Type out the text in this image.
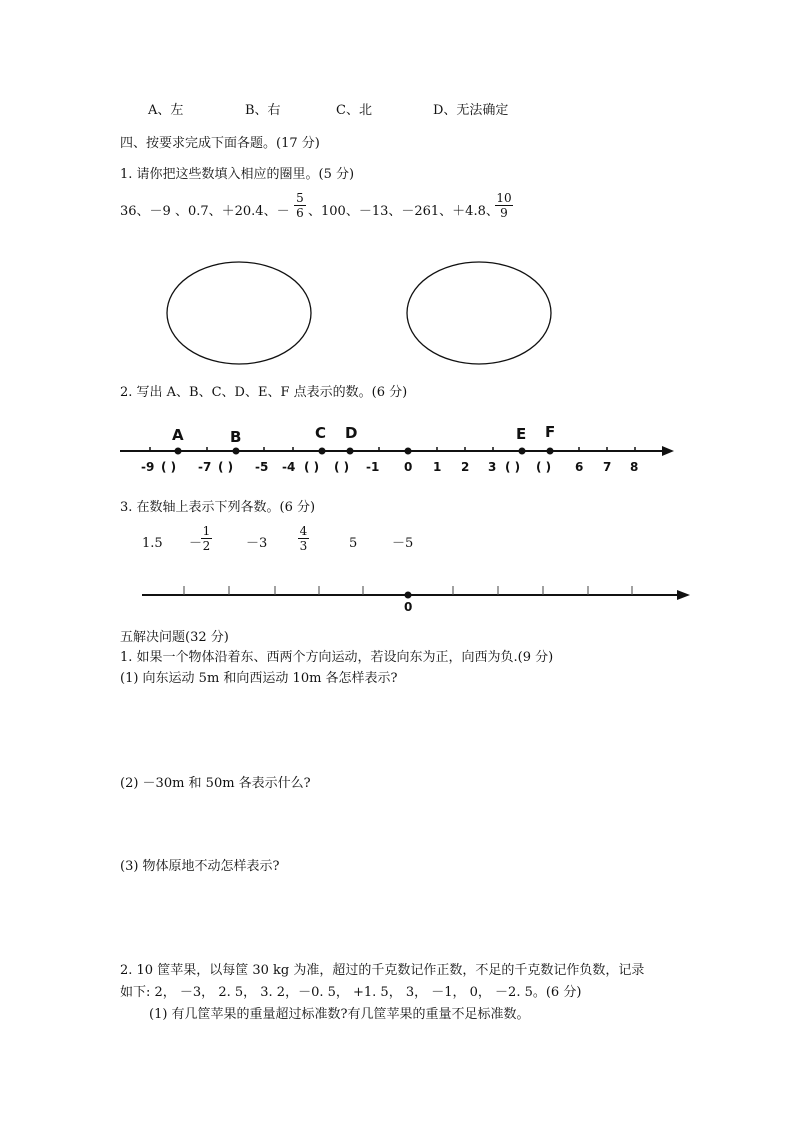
A、左	B、右	C、北	D、无法确定
四、按要求完成下面各题。(17 分)
1. 请你把这些数填入相应的圈里。(5 分)
36、－9 、0.7、＋20.4、－ $\frac{5}{6}$ 、100、－13、－261、＋4.8、
$\frac{10}{9}$
2. 写出 A、B、C、D、E、F 点表示的数。(6 分)
A	B	C D	E F
-9 ( ) -7 ( ) -5 -4 ( ) ( ) -1 0 1 2 3 ( ) ( ) 6 7 8
3. 在数轴上表示下列各数。(6 分)
1.5 －
$\frac{1}{2}$	－3	$\frac{4}{3}$	5	－5
0
五解决问题(32 分)
1. 如果一个物体沿着东、西两个方向运动，若设向东为正，向西为负.(9 分)
(1) 向东运动 5m 和向西运动 10m 各怎样表示?
(2) －30m 和 50m 各表示什么?
(3) 物体原地不动怎样表示?
2. 10 筐苹果，以每筐 30 kg 为准，超过的千克数记作正数，不足的千克数记作负数，记录
如下: 2， －3， 2. 5， 3. 2，－0. 5， +1. 5， 3， －1， 0， －2. 5。(6 分)
(1) 有几筐苹果的重量超过标准数?有几筐苹果的重量不足标准数。
